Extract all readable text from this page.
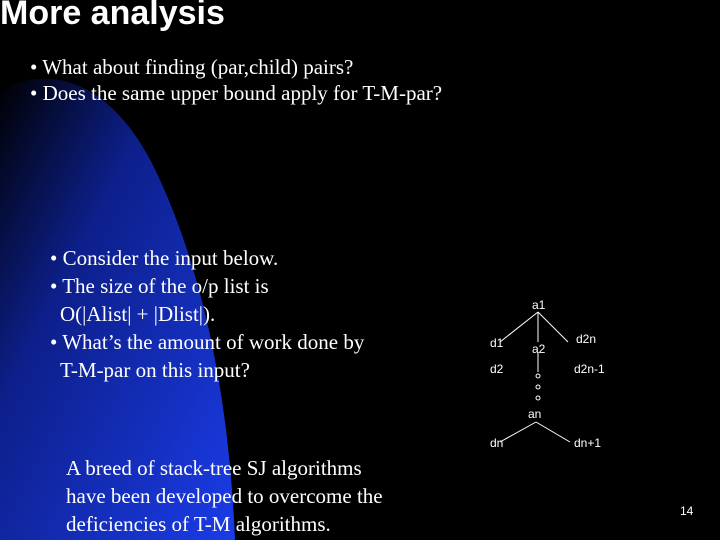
More analysis
• What about finding (par,child) pairs?
• Does the same upper bound apply for T-M-par?
• Consider the input below.
• The size of the o/p list is
O(|Alist| + |Dlist|).
• What’s the amount of work done by
T-M-par on this input?
A breed of stack-tree SJ algorithms
have been developed to overcome the
deficiencies of T-M algorithms.
a1
d1 a2
d2n
d2	d2n-1
an
dn	dn+1
14
